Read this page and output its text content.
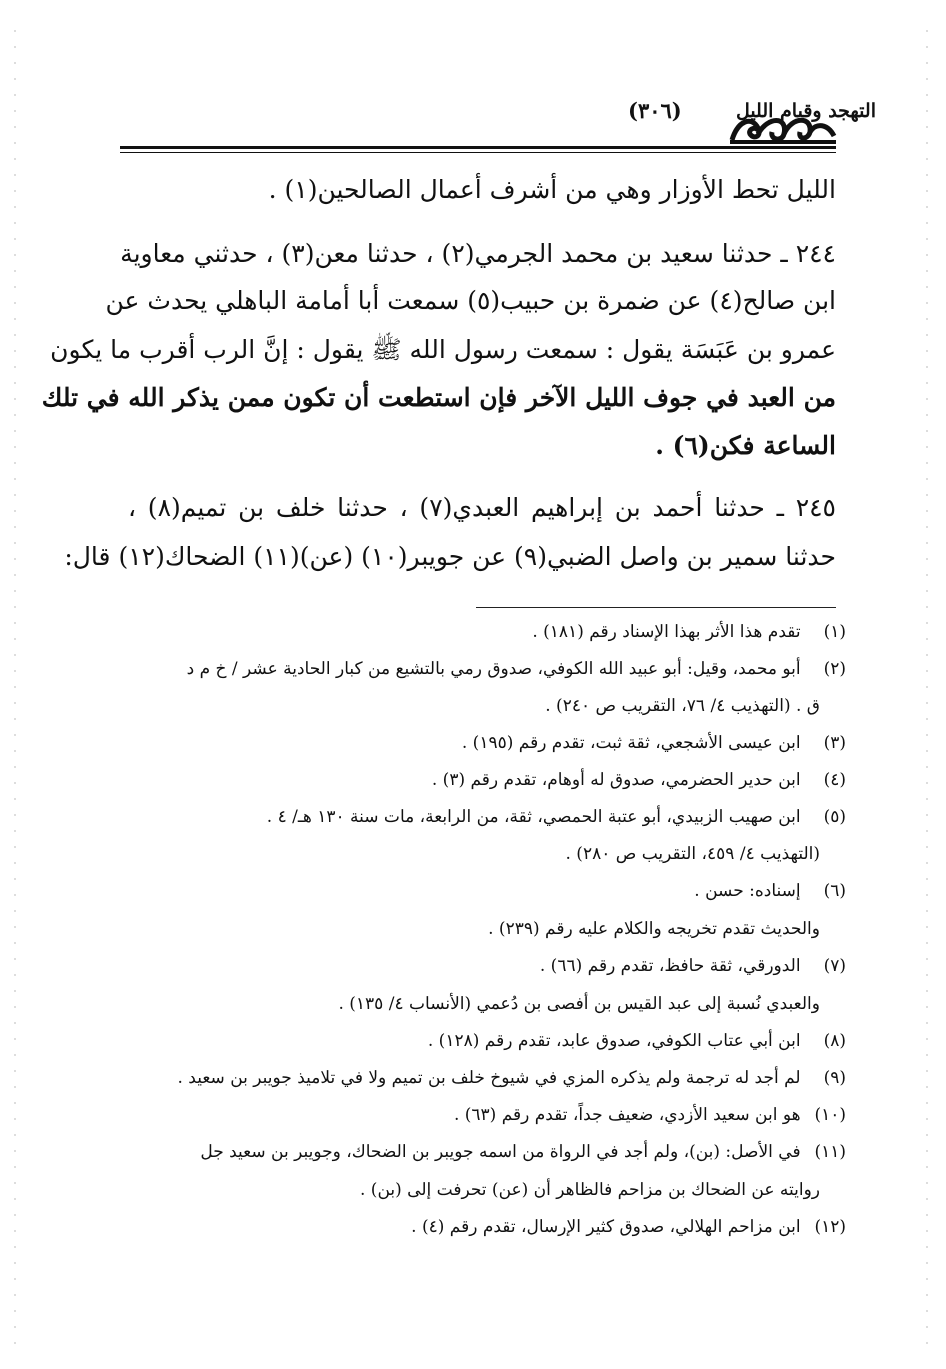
التهجد وقيام الليل
(٣٠٦)
الليل تحط الأوزار وهي من أشرف أعمال الصالحين(١) .
٢٤٤ ـ حدثنا سعيد بن محمد الجرمي(٢) ، حدثنا معن(٣) ، حدثني معاوية
ابن صالح(٤) عن ضمرة بن حبيب(٥) سمعت أبا أمامة الباهلي يحدث عن
عمرو بن عَبَسَة يقول : سمعت رسول الله ﷺ يقول : إنَّ الرب أقرب ما يكون
من العبد في جوف الليل الآخر فإن استطعت أن تكون ممن يذكر الله في تلك
الساعة فكن(٦) .
٢٤٥ ـ حدثنا أحمد بن إبراهيم العبدي(٧) ، حدثنا خلف بن تميم(٨) ،
حدثنا سمير بن واصل الضبي(٩) عن جويبر(١٠) (عن)(١١) الضحاك(١٢) قال:
(١) تقدم هذا الأثر بهذا الإسناد رقم (١٨١) .
(٢) أبو محمد، وقيل: أبو عبيد الله الكوفي، صدوق رمي بالتشيع من كبار الحادية عشر / خ م د
ق . (التهذيب ٤/ ٧٦، التقريب ص ٢٤٠) .
(٣) ابن عيسى الأشجعي، ثقة ثبت، تقدم رقم (١٩٥) .
(٤) ابن حدير الحضرمي، صدوق له أوهام، تقدم رقم (٣) .
(٥) ابن صهيب الزبيدي، أبو عتبة الحمصي، ثقة، من الرابعة، مات سنة ١٣٠ هـ/ ٤ .
(التهذيب ٤/ ٤٥٩، التقريب ص ٢٨٠) .
(٦) إسناده: حسن .
والحديث تقدم تخريجه والكلام عليه رقم (٢٣٩) .
(٧) الدورقي، ثقة حافظ، تقدم رقم (٦٦) .
والعبدي نُسبة إلى عبد القيس بن أفصى بن دُعمي (الأنساب ٤/ ١٣٥) .
(٨) ابن أبي عتاب الكوفي، صدوق عابد، تقدم رقم (١٢٨) .
(٩) لم أجد له ترجمة ولم يذكره المزي في شيوخ خلف بن تميم ولا في تلاميذ جويبر بن سعيد .
(١٠) هو ابن سعيد الأزدي، ضعيف جداً، تقدم رقم (٦٣) .
(١١) في الأصل: (بن)، ولم أجد في الرواة من اسمه جويبر بن الضحاك، وجويبر بن سعيد جل
روايته عن الضحاك بن مزاحم فالظاهر أن (عن) تحرفت إلى (بن) .
(١٢) ابن مزاحم الهلالي، صدوق كثير الإرسال، تقدم رقم (٤) .
